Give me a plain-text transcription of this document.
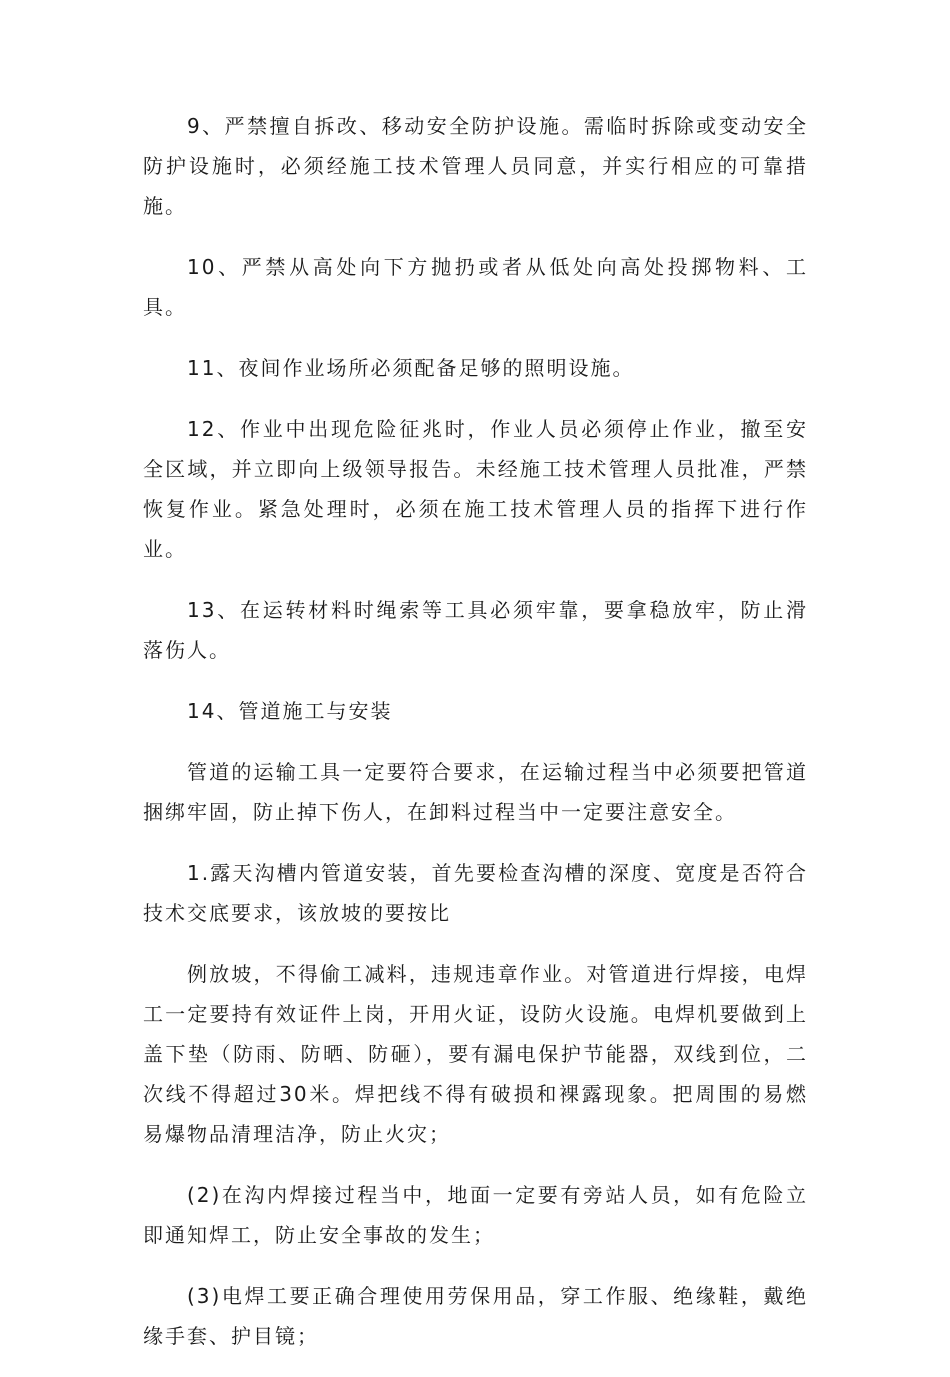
9、严禁擅自拆改、移动安全防护设施。需临时拆除或变动安全防护设施时，必须经施工技术管理人员同意，并实行相应的可靠措施。

10、严禁从高处向下方抛扔或者从低处向高处投掷物料、工具。

11、夜间作业场所必须配备足够的照明设施。

12、作业中出现危险征兆时，作业人员必须停止作业，撤至安全区域，并立即向上级领导报告。未经施工技术管理人员批准，严禁恢复作业。紧急处理时，必须在施工技术管理人员的指挥下进行作业。

13、在运转材料时绳索等工具必须牢靠，要拿稳放牢，防止滑落伤人。

14、管道施工与安装

管道的运输工具一定要符合要求，在运输过程当中必须要把管道捆绑牢固，防止掉下伤人，在卸料过程当中一定要注意安全。

1.露天沟槽内管道安装，首先要检查沟槽的深度、宽度是否符合技术交底要求，该放坡的要按比

例放坡，不得偷工减料，违规违章作业。对管道进行焊接，电焊工一定要持有效证件上岗，开用火证，设防火设施。电焊机要做到上盖下垫（防雨、防晒、防砸），要有漏电保护节能器，双线到位，二次线不得超过30米。焊把线不得有破损和裸露现象。把周围的易燃易爆物品清理洁净，防止火灾；

(2)在沟内焊接过程当中，地面一定要有旁站人员，如有危险立即通知焊工，防止安全事故的发生；

(3)电焊工要正确合理使用劳保用品，穿工作服、绝缘鞋，戴绝缘手套、护目镜；
